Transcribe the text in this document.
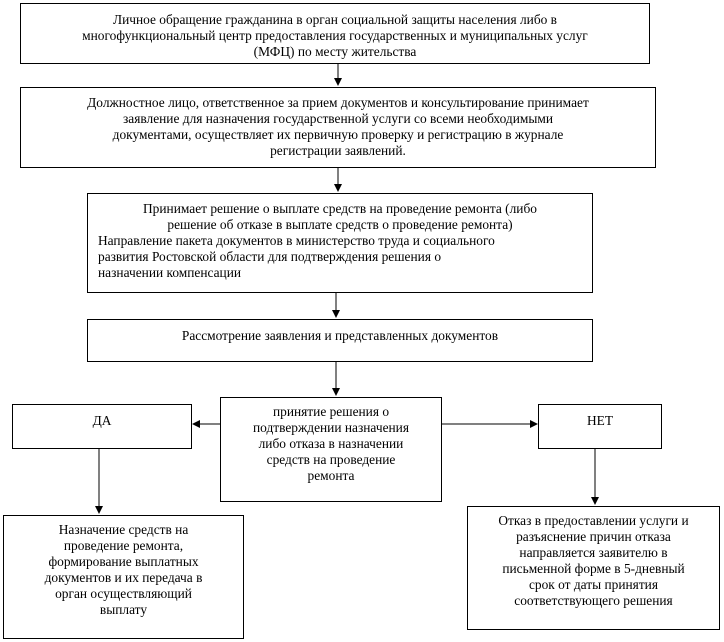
Личное обращение гражданина в орган социальной защиты населения либо в
многофункциональный центр предоставления государственных и муниципальных услуг
(МФЦ) по месту жительства
Должностное лицо, ответственное за прием документов и консультирование принимает
заявление для назначения государственной услуги со всеми необходимыми
документами, осуществляет их первичную проверку и регистрацию в журнале
регистрации заявлений.
Принимает решение о выплате средств на проведение ремонта (либо
решение об отказе в выплате средств о проведение ремонта)
Направление пакета документов в министерство труда и социального
развития Ростовской области для подтверждения решения о
назначении компенсации
Рассмотрение заявления и представленных документов
принятие решения о
подтверждении назначения
либо отказа в назначении
средств на проведение
ремонта
ДА	НЕТ
Назначение средств на
проведение ремонта,
формирование выплатных
документов и их передача в
орган осуществляющий
выплату
Отказ в предоставлении услуги и
разъяснение причин отказа
направляется заявителю в
письменной форме в 5-дневный
срок от даты принятия
соответствующего решения
